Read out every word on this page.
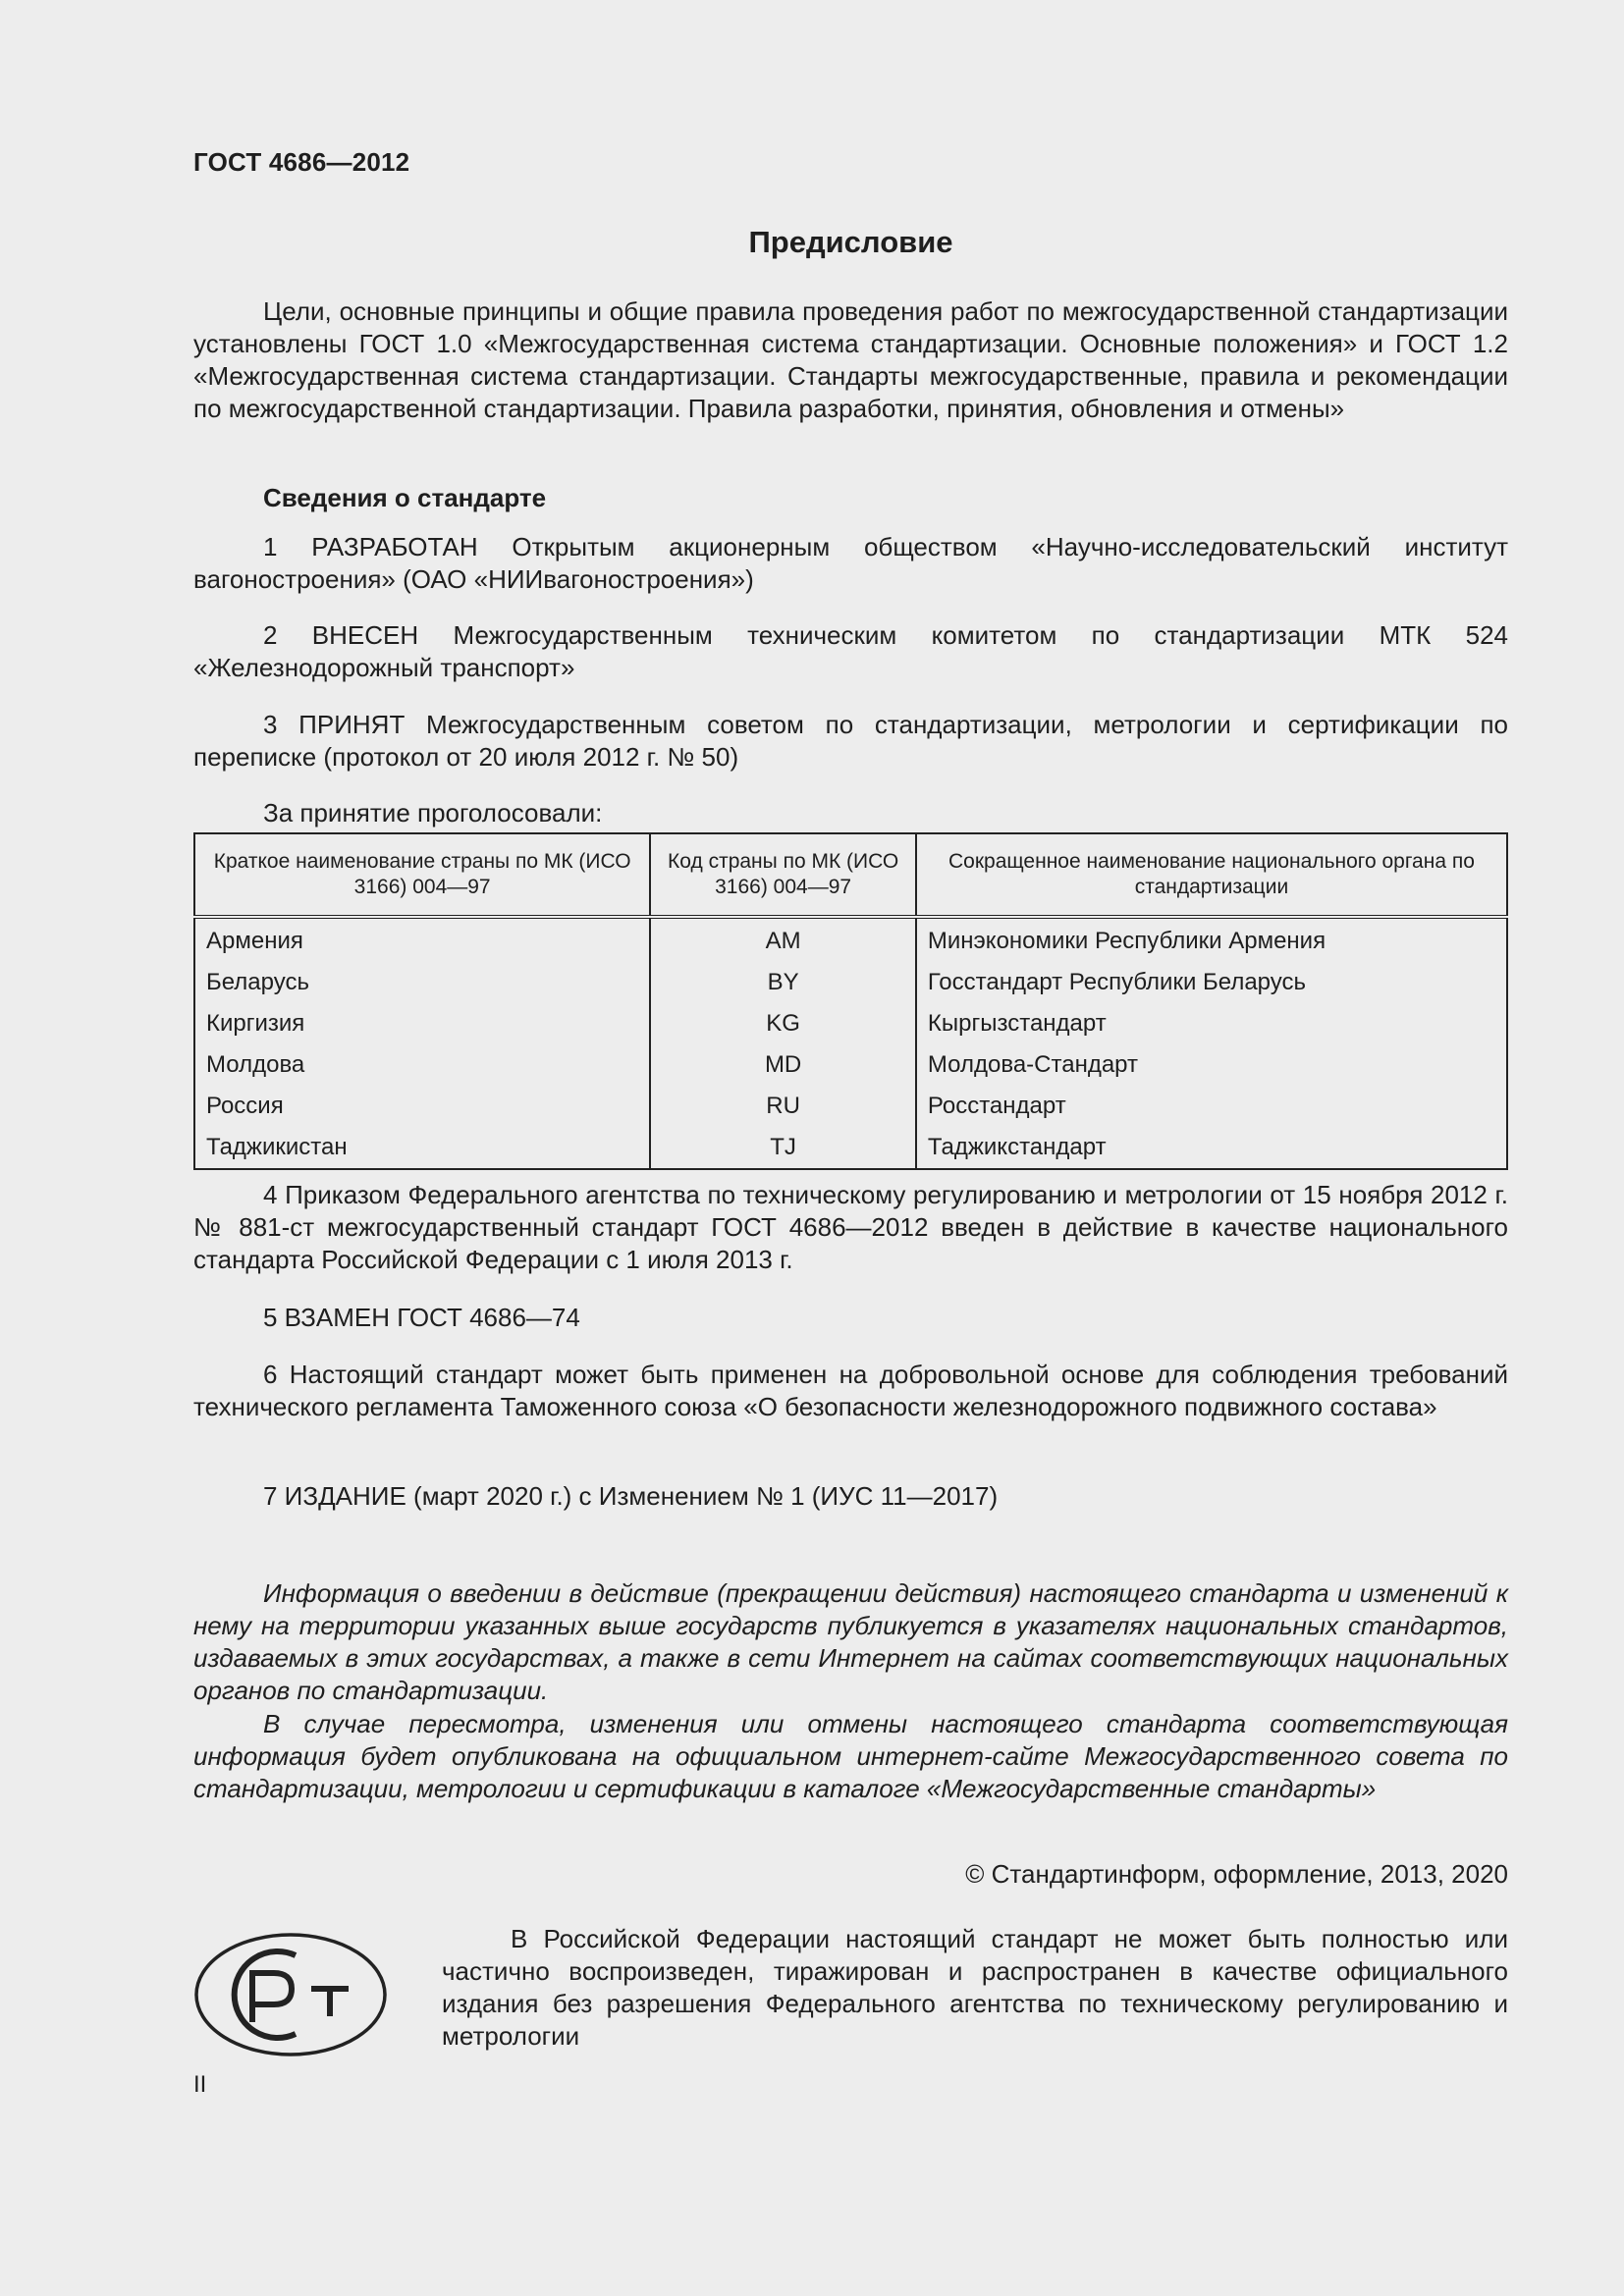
ГОСТ 4686—2012
Предисловие
Цели, основные принципы и общие правила проведения работ по межгосударственной стандартизации установлены ГОСТ 1.0 «Межгосударственная система стандартизации. Основные положения» и ГОСТ 1.2 «Межгосударственная система стандартизации. Стандарты межгосударственные, правила и рекомендации по межгосударственной стандартизации. Правила разработки, принятия, обновления и отмены»
Сведения о стандарте
1 РАЗРАБОТАН Открытым акционерным обществом «Научно-исследовательский институт вагоностроения» (ОАО «НИИвагоностроения»)
2 ВНЕСЕН Межгосударственным техническим комитетом по стандартизации МТК 524 «Железнодорожный транспорт»
3 ПРИНЯТ Межгосударственным советом по стандартизации, метрологии и сертификации по переписке (протокол от 20 июля 2012 г. № 50)
За принятие проголосовали:
Краткое наименование страны по МК (ИСО 3166) 004—97	Код страны по МК (ИСО 3166) 004—97	Сокращенное наименование национального органа по стандартизации
Армения	AM	Минэкономики Республики Армения
Беларусь	BY	Госстандарт Республики Беларусь
Киргизия	KG	Кыргызстандарт
Молдова	MD	Молдова-Стандарт
Россия	RU	Росстандарт
Таджикистан	TJ	Таджикстандарт
4 Приказом Федерального агентства по техническому регулированию и метрологии от 15 ноября 2012 г. № 881-ст межгосударственный стандарт ГОСТ 4686—2012 введен в действие в качестве национального стандарта Российской Федерации с 1 июля 2013 г.
5 ВЗАМЕН ГОСТ 4686—74
6 Настоящий стандарт может быть применен на добровольной основе для соблюдения требований технического регламента Таможенного союза «О безопасности железнодорожного подвижного состава»
7 ИЗДАНИЕ (март 2020 г.) с Изменением № 1 (ИУС 11—2017)
Информация о введении в действие (прекращении действия) настоящего стандарта и изменений к нему на территории указанных выше государств публикуется в указателях национальных стандартов, издаваемых в этих государствах, а также в сети Интернет на сайтах соответствующих национальных органов по стандартизации.
В случае пересмотра, изменения или отмены настоящего стандарта соответствующая информация будет опубликована на официальном интернет-сайте Межгосударственного совета по стандартизации, метрологии и сертификации в каталоге «Межгосударственные стандарты»
© Стандартинформ, оформление, 2013, 2020
В Российской Федерации настоящий стандарт не может быть полностью или частично воспроизведен, тиражирован и распространен в качестве официального издания без разрешения Федерального агентства по техническому регулированию и метрологии
II
